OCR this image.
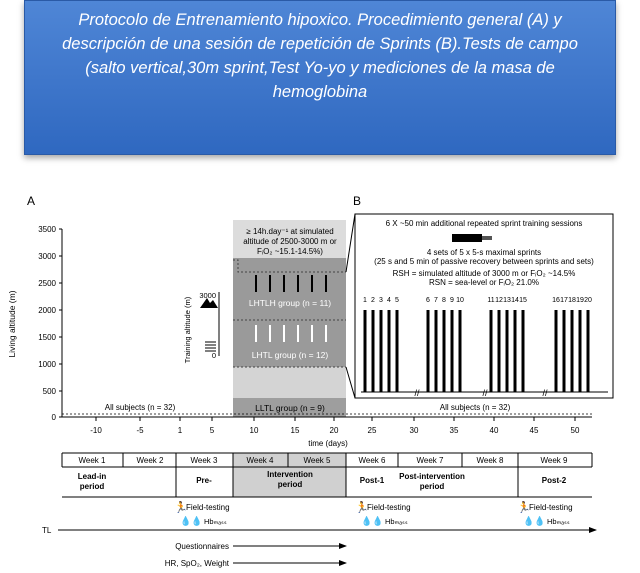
Protocolo de Entrenamiento hipoxico. Procedimiento general (A) y descripción de una sesión de repetición de Sprints (B).Tests de campo (salto vertical,30m sprint,Test Yo-yo y mediciones de la masa de hemoglobina
A	B
≥ 14h.day⁻¹ at simulated
altitude of 2500-3000 m or
FᵢO₂ ~15.1-14.5%)
LHTLH group (n = 11)
LHTL group (n = 12)
LLTL group (n = 9)
Training altitude (m)
3000
0
Living altitude (m)
3500
3000
2500
2000
1500
1000
500
0
-10	-5	1	5	10	15	20	25	30	35	40	45	50
time (days)
All subjects (n = 32)	All subjects (n = 32)
6 X ~50 min additional repeated sprint training sessions
4 sets of 5 x 5-s maximal sprints
(25 s and 5 min of passive recovery between sprints and sets)
RSH = simulated altitude of 3000 m or FᵢO₂ ~14.5%
RSN = sea-level or FᵢO₂ 21.0%
1 2 3 4 5	6 7 8 9 10	11 12 13 14 15	16 17 18 19 20
//	//	//
Week 1	Week 2	Week 3	Week 4	Week 5	Week 6	Week 7	Week 8	Week 9
Lead-in
period
Pre-
Intervention
period	Post-1 Post-intervention
period
Post-2
🏃
Field-testing
💧💧 Hbₘₐₛₛ
🏃
Field-testing
💧💧 Hbₘₐₛₛ
🏃
Field-testing
💧💧 Hbₘₐₛₛ
TL
Questionnaires
HR, SpO₂, Weight
